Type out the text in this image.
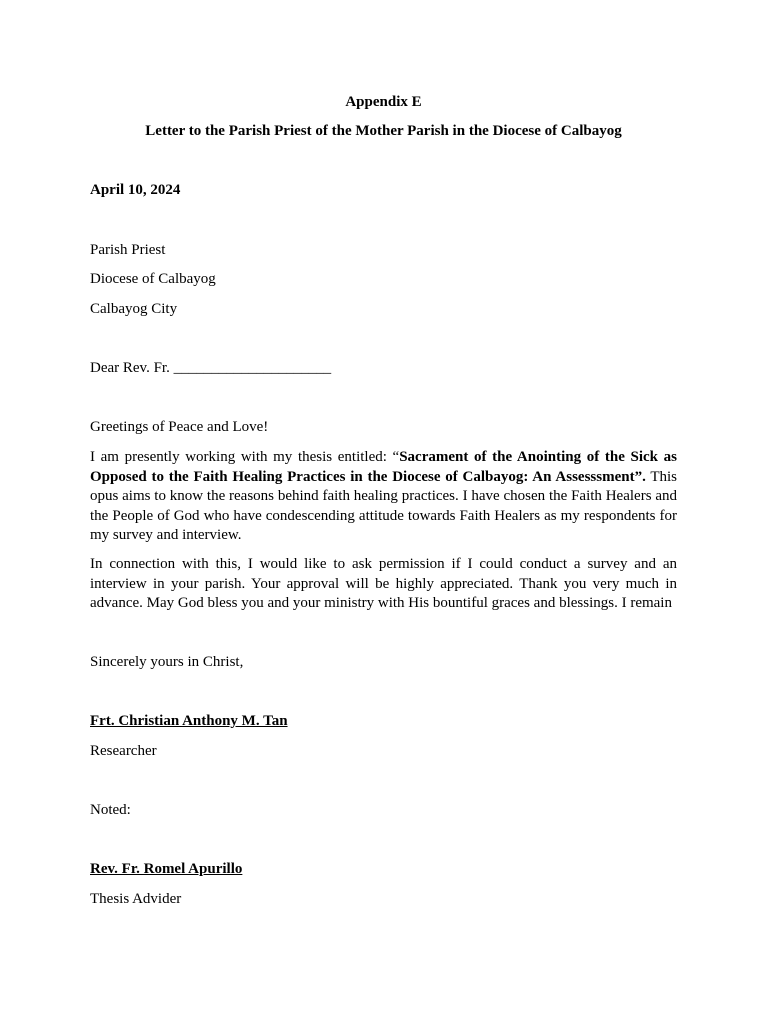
Appendix E
Letter to the Parish Priest of the Mother Parish in the Diocese of Calbayog
April 10, 2024
Parish Priest
Diocese of Calbayog
Calbayog City
Dear Rev. Fr. _____________________
Greetings of Peace and Love!
I am presently working with my thesis entitled: “Sacrament of the Anointing of the Sick as Opposed to the Faith Healing Practices in the Diocese of Calbayog: An Assesssment”. This opus aims to know the reasons behind faith healing practices. I have chosen the Faith Healers and the People of God who have condescending attitude towards Faith Healers as my respondents for my survey and interview.
In connection with this, I would like to ask permission if I could conduct a survey and an interview in your parish. Your approval will be highly appreciated. Thank you very much in advance. May God bless you and your ministry with His bountiful graces and blessings. I remain
Sincerely yours in Christ,
Frt. Christian Anthony M. Tan
Researcher
Noted:
Rev. Fr. Romel Apurillo
Thesis Advider
